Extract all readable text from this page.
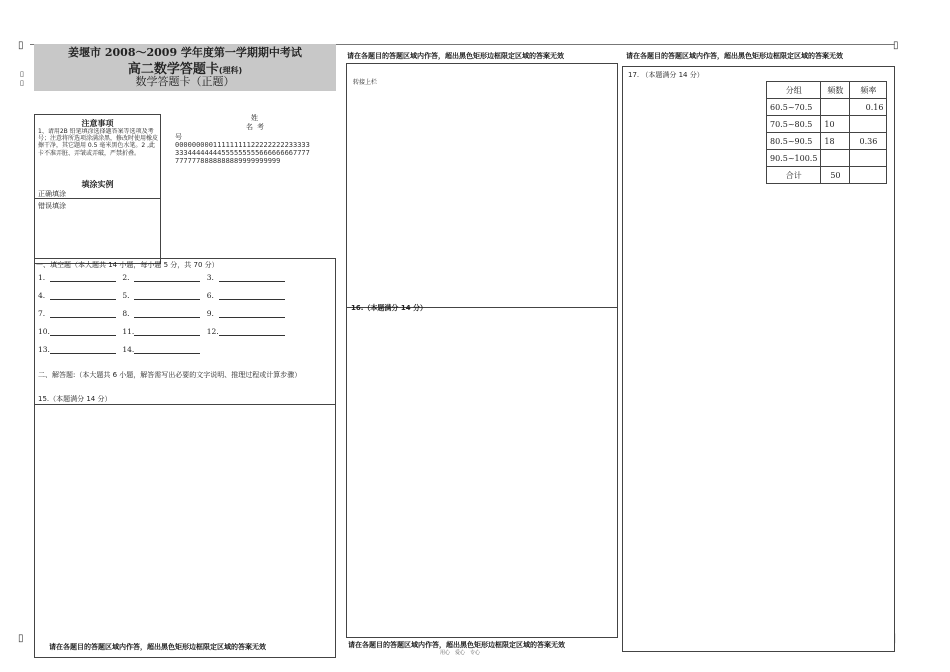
▯
▯
▯
▯
▯	|
姜堰市 2008～2009 学年度第一学期期中考试
高二数学答题卡(理科)
数学答题卡（正题）
注意事项
1、请用2B 铅笔填涂选择题答案等选项及考号；注意将所选项涂满涂黑，修改时使用橡皮擦干净，其它题用 0.5 毫米黑色水笔。2 ,此卡不准弄脏、弄皱或弄破，严禁折叠。
填涂实例
正确填涂
错误填涂
姓
名 考
号
00000000011111111122222222233333
33344444444555555555666666667777
7777778888888889999999999
一、填空题（本大题共 14 小题，每小题 5 分，共 70 分）
1.	2.	3.
4.	5.	6.
7.	8.	9.
10.	11.	12.
13.	14.
二、解答题:（本大题共 6 小题，解答需写出必要的文字说明、推理过程或计算步骤）
15.（本题满分 14 分）
请在各题目的答题区域内作答，超出黑色矩形边框限定区域的答案无效
请在各题目的答题区域内作答，超出黑色矩形边框限定区域的答案无效
转接上栏
16.（本题满分 14 分）
请在各题目的答题区域内作答，超出黑色矩形边框限定区域的答案无效
用心　爱心　专心
请在各题目的答题区域内作答，超出黑色矩形边框限定区域的答案无效
17. （本题满分 14 分）
分组	频数	频率
60.5~70.5		0.16
70.5~80.5	10	
80.5~90.5	18	0.36
90.5~100.5		
合计	50	
